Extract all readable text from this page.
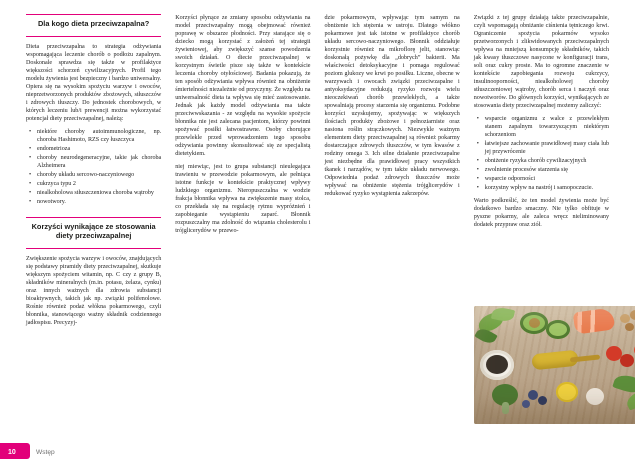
Dla kogo dieta przeciwzapalna?

Dieta przeciwzapalna to strategia odżywiania wspomagająca leczenie chorób o podłożu zapalnym. Doskonale sprawdza się także w profilaktyce większości schorzeń cywilizacyjnych. Profil tego modelu żywienia jest bezpieczny i bardzo uniwersalny. Opiera się na wysokim spożyciu warzyw i owoców, nieprzetworzonych produktów zbożowych, stłuszczów i zdrowych tłuszczy. Do jednostek chorobowych, w których leczeniu lub/i prewencji można wykorzystać potencjał diety przeciwzapalnej, należą:

• niektóre choroby autoimmunologiczne, np. choroba Hashimoto, RZS czy łuszczyca
• endometrioza
• choroby neurodegeneracyjne, takie jak choroba Alzheimera
• choroby układu sercowo-naczyniowego
• cukrzyca typu 2
• niealkoholowa stłuszczeniowa choroba wątroby
• nowotwory.
Korzyści wynikające ze stosowania diety przeciwzapalnej

Zwiększenie spożycia warzyw i owoców, znajdujących się podstawy piramidy diety przeciwzapalnej, skutkuje większym spożyciem witamin, np. C czy z grupy B, składników mineralnych (m.in. potasu, żelaza, cynku) oraz innych ważnych dla zdrowia substancji bioaktywnych, takich jak np. związki polifenolowe. Rośnie również podaż włókna pokarmowego, czyli błonnika, stanowiącego ważny składnik codziennego jadłospisu. Precyzyj-

Korzyści płynące ze zmiany sposobu odżywiania na model przeciwzapalny mogą obejmować również poprawę w obszarze płodności. Przy starające się o dziecko mogą korzystać z założeń tej strategii żywieniowej, aby zwiększyć szanse powodzenia swoich działań. O diecie przeciwzapalnej w korzystnym świetle pisze się także w kontekście leczenia choroby otyłościowej. Badania pokazują, że ten sposób odżywiania wpływa również na obniżenie śmiertelności niezależnie od przyczyny. Że względu na uniwersalność dieta ta wpływa się mieć zastosowanie. Jednak jak każdy model odżywiania ma także przeciwwskazania - ze względu na wysokie spożycie błonnika nie jest zalecana pacjentom, którzy powinni spożywać posiłki łatwostrawne. Osoby chorujące przewlekle przed wprowadzeniem tego sposobu odżywiania powinny skonsultować się ze specjalistą dietetykiem.

niej miewiąc, jest to grupa substancji nieulegająca trawieniu w przewodzie pokarmowym, ale pełniąca istotne funkcje w kontekście praktycznej wpływy ludzkiego organizmu. Nieropuszczalna w wodzie frakcja błonnika wpływa na zwiększenie masy stolca, co przekłada się na regulację rytmu wypróżnień i zapobieganie wystąpieniu zaparć. Błonnik rozpuszczalny ma zdolność do wiązania cholesterolu i trójglicerydów w przewo-

dzie pokarmowym, wpływając tym samym na obniżenie ich stężenia w ustroju. Dlatego włókno pokarmowe jest tak istotne w profilaktyce chorób układu sercowo-naczyniowego. Błonnik oddziałuje korzystnie również na mikroflorę jelit, stanowiąc doskonałą pożywkę dla „dobrych” bakterii. Ma właściwości detoksykacyjne i pomaga regulować poziom glukozy we krwi po posiłku. Liczne, obecne w warzywach i owocach związki przeciwzapalne i antyoksydacyjne redukują ryzyko rozwoju wielu nieoczekiwań chorób przewlekłych, a także spowalniają procesy starzenia się organizmu. Podobne korzyści uzyskujemy, spożywając w większych ilościach produkty zbożowe i pełnoziarniste oraz nasiona roślin strączkowych. Niezwykle ważnym elementem diety przeciwzapalnej są również pokarmy dostarczające zdrowych tłuszczów, w tym kwasów z rodziny omega 3. Ich silne działanie przeciwzapalne jest niezbędne dla prawidłowej pracy wszystkich tkanek i narządów, w tym także układu nerwowego. Odpowiednia podaż zdrowych tłuszczów może wpływać na obniżenie stężenia trójglicerydów i redukować ryzyko wystąpienia zakrzepów.

Związki z tej grupy działają także przeciwzapalnie, czyli wspomagają obniżanie ciśnienia tętniczego krwi. Ograniczenie spożycia pokarmów wysoko przetworzonych i zlikwidowanych przeciwzapalnych wpływa na mniejszą konsumpcję składników, takich jak kwasy tłuszczowe nasycone w konfiguracji trans, soli oraz cukry proste. Ma to ogromne znaczenie w kontekście zapobiegania rozwoju cukrzycy, insulinooporności, niealkoholowej choroby stłuszczeniowej wątroby, chorób serca i naczyń oraz nowotworów. Do głównych korzyści, wynikających ze stosowania diety przeciwzapalnej możemy zaliczyć:

• wsparcie organizmu z walce z przewlekłym stanem zapalnym towarzyszącym niektórym schorzeniom
• łatwiejsze zachowanie prawidłowej masy ciała lub jej przywrócenie
• obniżenie ryzyka chorób cywilizacyjnych
• zwolnienie procesów starzenia się
• wsparcie odporności
• korzystny wpływ na nastrój i samopoczucie.

Warto podkreślić, że ten model żywienia może być dodatkowo bardzo smaczny. Nie tylko obfituje w pyszne pokarmy, ale zaleca wręcz nieliminowany dodatek przypraw oraz ziół.

10	Wstęp
